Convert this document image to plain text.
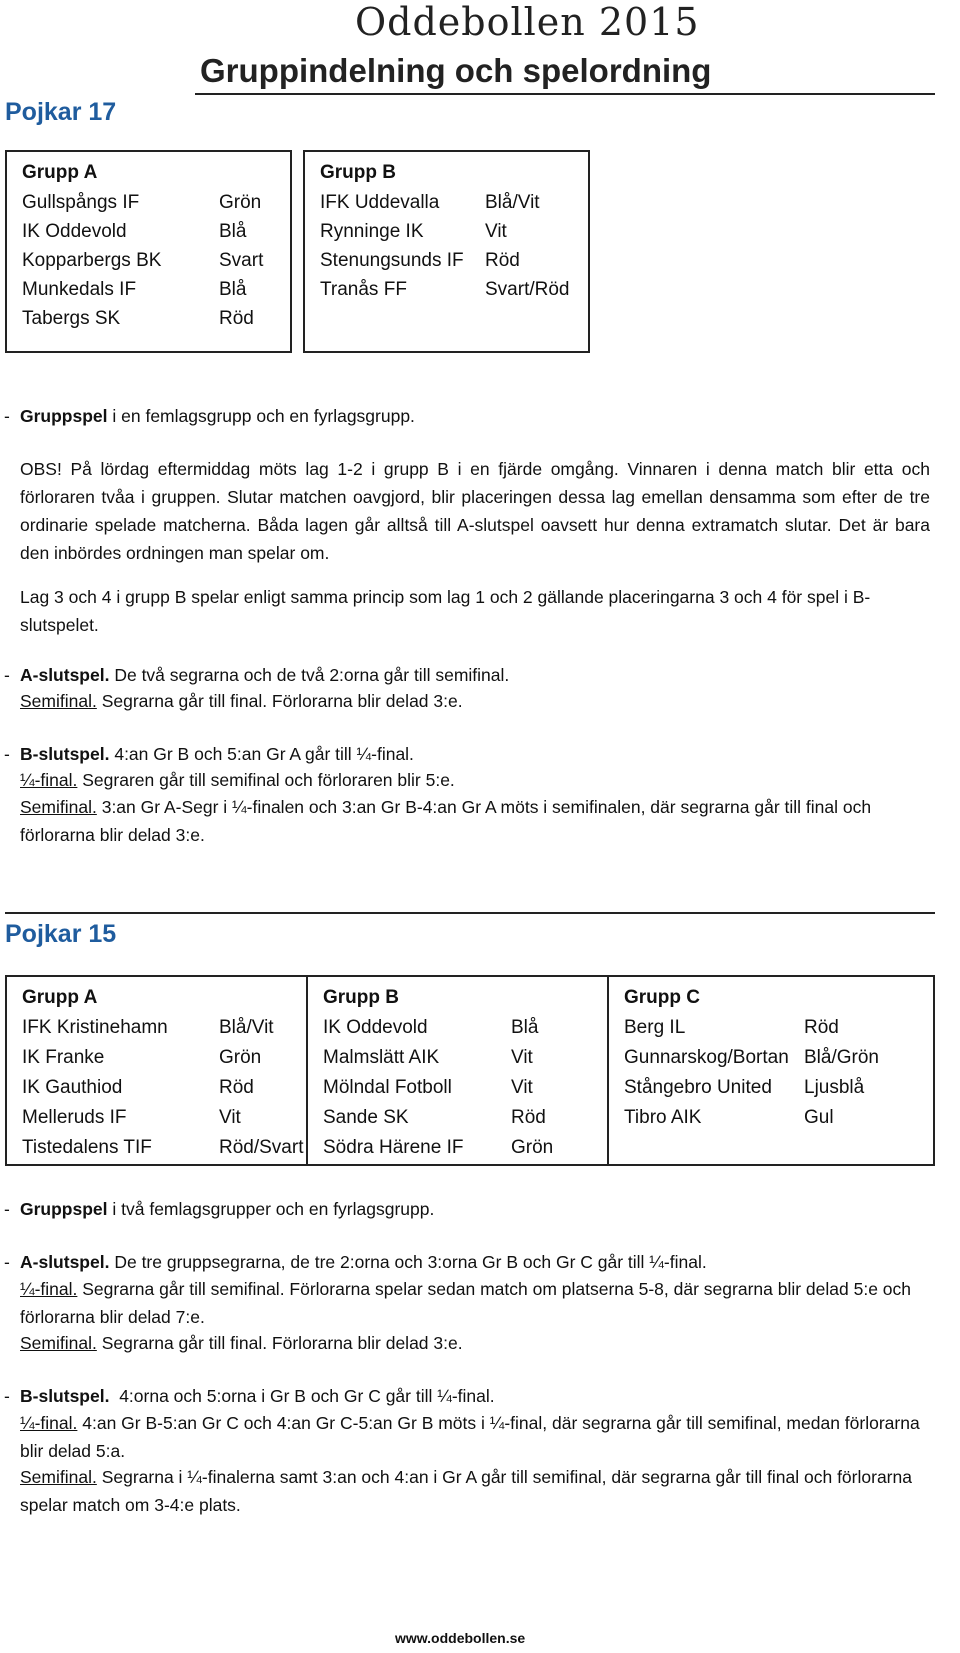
Oddebollen 2015
Gruppindelning och spelordning
Pojkar 17
Grupp A
Gullspångs IF	Grön
IK Oddevold	Blå
Kopparbergs BK	Svart
Munkedals IF	Blå
Tabergs SK	Röd
Grupp B
IFK Uddevalla Blå/Vit
Rynninge IK	Vit
Stenungsunds IF Röd
Tranås FF	Svart/Röd
- Gruppspel i en femlagsgrupp och en fyrlagsgrupp.
OBS! På lördag eftermiddag möts lag 1-2 i grupp B i en fjärde omgång. Vinnaren i denna match blir etta och förloraren tvåa i gruppen. Slutar matchen oavgjord, blir placeringen dessa lag emellan densamma som efter de tre ordinarie spelade matcherna. Båda lagen går alltså till A-slutspel oavsett hur denna extramatch slutar. Det är bara den inbördes ordningen man spelar om.
Lag 3 och 4 i grupp B spelar enligt samma princip som lag 1 och 2 gällande placeringarna 3 och 4 för spel i B-slutspelet.
- A-slutspel. De två segrarna och de två 2:orna går till semifinal.
Semifinal. Segrarna går till final. Förlorarna blir delad 3:e.
- B-slutspel. 4:an Gr B och 5:an Gr A går till ¼-final.
¼-final. Segraren går till semifinal och förloraren blir 5:e.
Semifinal. 3:an Gr A-Segr i ¼-finalen och 3:an Gr B-4:an Gr A möts i semifinalen, där segrarna går till final och förlorarna blir delad 3:e.
Pojkar 15
Grupp A
IFK Kristinehamn	Blå/Vit
IK Franke	Grön
IK Gauthiod	Röd
Melleruds IF	Vit
Tistedalens TIF	Röd/Svart
Grupp B
IK Oddevold	Blå
Malmslätt AIK	Vit
Mölndal Fotboll	Vit
Sande SK	Röd
Södra Härene IF	Grön
Grupp C
Berg IL	Röd
Gunnarskog/Bortan Blå/Grön
Stångebro United Ljusblå
Tibro AIK	Gul
- Gruppspel i två femlagsgrupper och en fyrlagsgrupp.
- A-slutspel. De tre gruppsegrarna, de tre 2:orna och 3:orna Gr B och Gr C går till ¼-final.
¼-final. Segrarna går till semifinal. Förlorarna spelar sedan match om platserna 5-8, där segrarna blir delad 5:e och förlorarna blir delad 7:e.
Semifinal. Segrarna går till final. Förlorarna blir delad 3:e.
- B-slutspel.  4:orna och 5:orna i Gr B och Gr C går till ¼-final.
¼-final. 4:an Gr B-5:an Gr C och 4:an Gr C-5:an Gr B möts i ¼-final, där segrarna går till semifinal, medan förlorarna blir delad 5:a.
Semifinal. Segrarna i ¼-finalerna samt 3:an och 4:an i Gr A går till semifinal, där segrarna går till final och förlorarna spelar match om 3-4:e plats.
www.oddebollen.se
